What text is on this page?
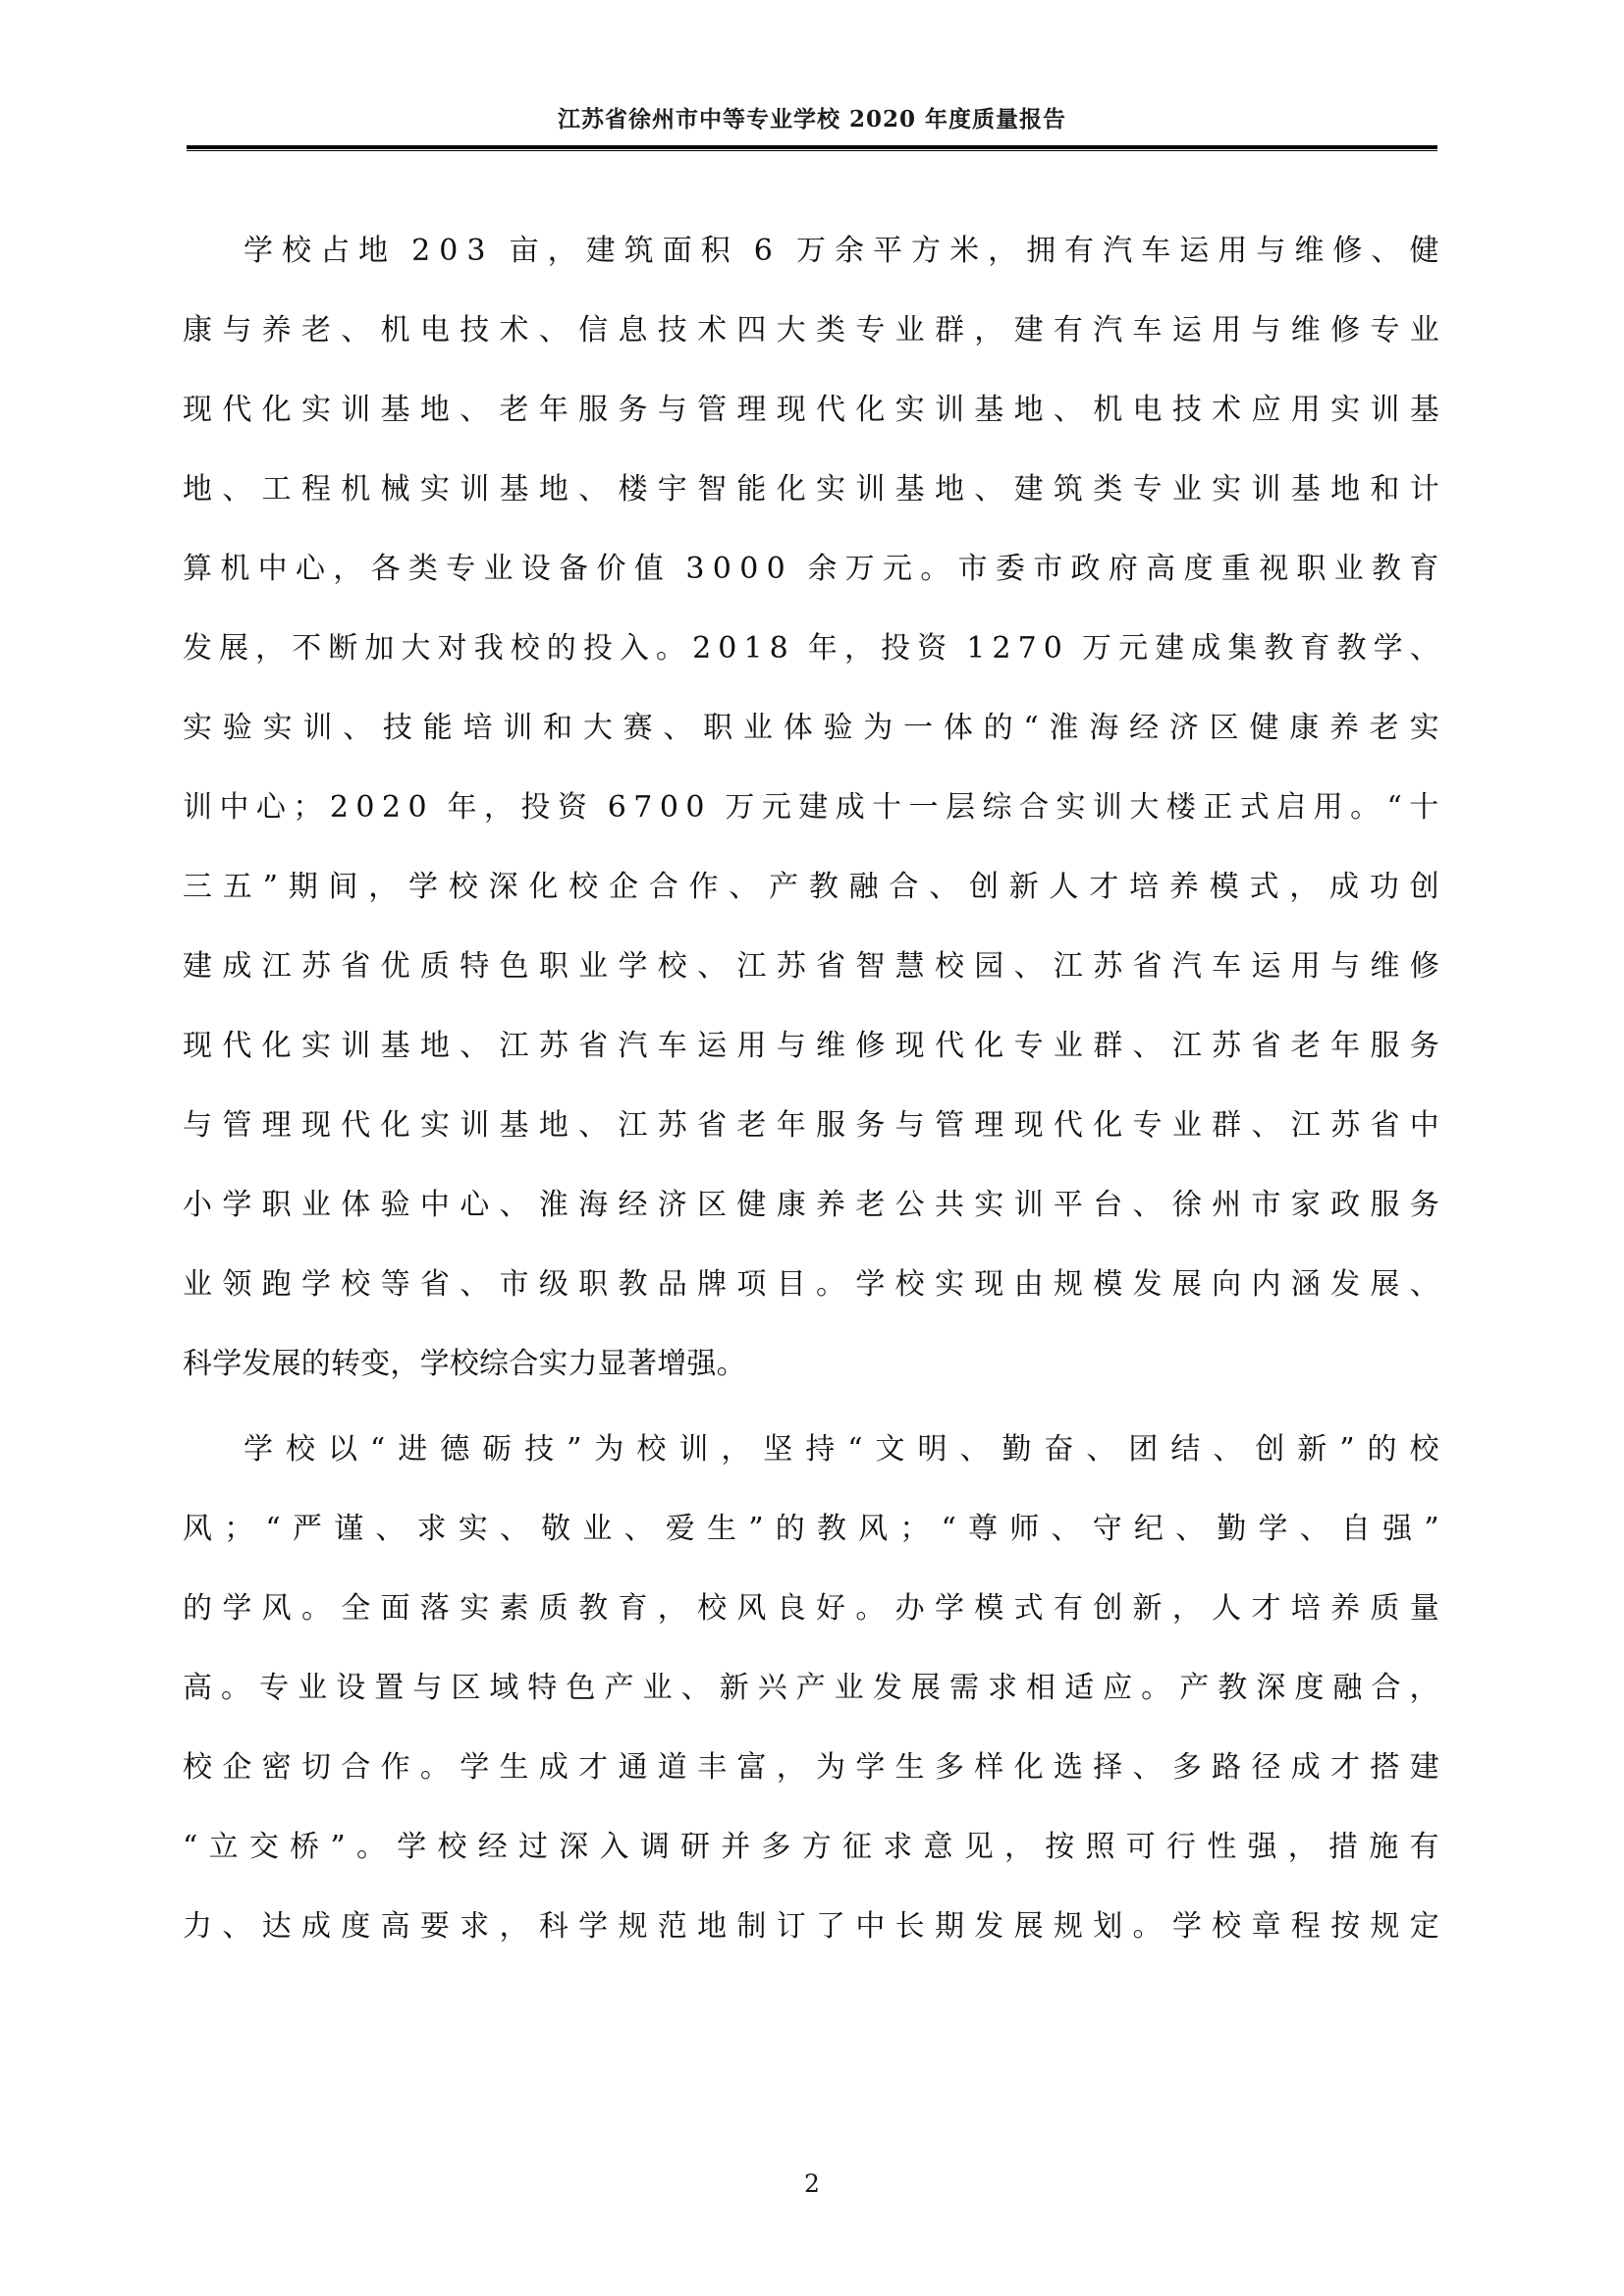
江苏省徐州市中等专业学校 2020 年度质量报告
学 校 占 地
  2 0 3
  亩 ， 建 筑 面 积
  6
  万 余 平 方 米 ， 拥 有 汽 车 运 用 与 维 修 、 健
康 与 养 老 、 机 电 技 术 、 信 息 技 术 四 大 类 专 业 群 ， 建 有 汽 车 运 用 与 维 修 专 业
现 代 化 实 训 基 地 、 老 年 服 务 与 管 理 现 代 化 实 训 基 地 、 机 电 技 术 应 用 实 训 基
地 、 工 程 机 械 实 训 基 地 、 楼 宇 智 能 化 实 训 基 地 、 建 筑 类 专 业 实 训 基 地 和 计
算 机 中 心 ， 各 类 专 业 设 备 价 值
  3 0 0 0
  余 万 元 。 市 委 市 政 府 高 度 重 视 职 业 教 育
发 展 ， 不 断 加 大 对 我 校 的 投 入 。 2 0 1 8
  年 ， 投 资
  1 2 7 0
  万 元 建 成 集 教 育 教 学 、
实 验 实 训 、 技 能 培 训 和 大 赛 、 职 业 体 验 为 一 体 的 “ 淮 海 经 济 区 健 康 养 老 实
训 中 心 ； 2 0 2 0
  年 ， 投 资
  6 7 0 0
  万 元 建 成 十 一 层 综 合 实 训 大 楼 正 式 启 用 。 “ 十
三 五 ” 期 间 ， 学 校 深 化 校 企 合 作 、 产 教 融 合 、 创 新 人 才 培 养 模 式 ， 成 功 创
建 成 江 苏 省 优 质 特 色 职 业 学 校 、 江 苏 省 智 慧 校 园 、 江 苏 省 汽 车 运 用 与 维 修
现 代 化 实 训 基 地 、 江 苏 省 汽 车 运 用 与 维 修 现 代 化 专 业 群 、 江 苏 省 老 年 服 务
与 管 理 现 代 化 实 训 基 地 、 江 苏 省 老 年 服 务 与 管 理 现 代 化 专 业 群 、 江 苏 省 中
小 学 职 业 体 验 中 心 、 淮 海 经 济 区 健 康 养 老 公 共 实 训 平 台 、 徐 州 市 家 政 服 务
业 领 跑 学 校 等 省 、 市 级 职 教 品 牌 项 目 。 学 校 实 现 由 规 模 发 展 向 内 涵 发 展 、
科学发展的转变，学校综合实力显著增强。
学 校 以 “ 进 德 砺 技 ” 为 校 训 ， 坚 持 “ 文 明 、 勤 奋 、 团 结 、 创 新 ” 的 校
风 ； “ 严 谨 、 求 实 、 敬 业 、 爱 生 ” 的 教 风 ； “ 尊 师 、 守 纪 、 勤 学 、 自 强 ”
的 学 风 。 全 面 落 实 素 质 教 育 ， 校 风 良 好 。 办 学 模 式 有 创 新 ， 人 才 培 养 质 量
高 。 专 业 设 置 与 区 域 特 色 产 业 、 新 兴 产 业 发 展 需 求 相 适 应 。 产 教 深 度 融 合 ，
校 企 密 切 合 作 。 学 生 成 才 通 道 丰 富 ， 为 学 生 多 样 化 选 择 、 多 路 径 成 才 搭 建
“ 立 交 桥 ” 。 学 校 经 过 深 入 调 研 并 多 方 征 求 意 见 ， 按 照 可 行 性 强 ， 措 施 有
力 、 达 成 度 高 要 求 ， 科 学 规 范 地 制 订 了 中 长 期 发 展 规 划 。 学 校 章 程 按 规 定
2
